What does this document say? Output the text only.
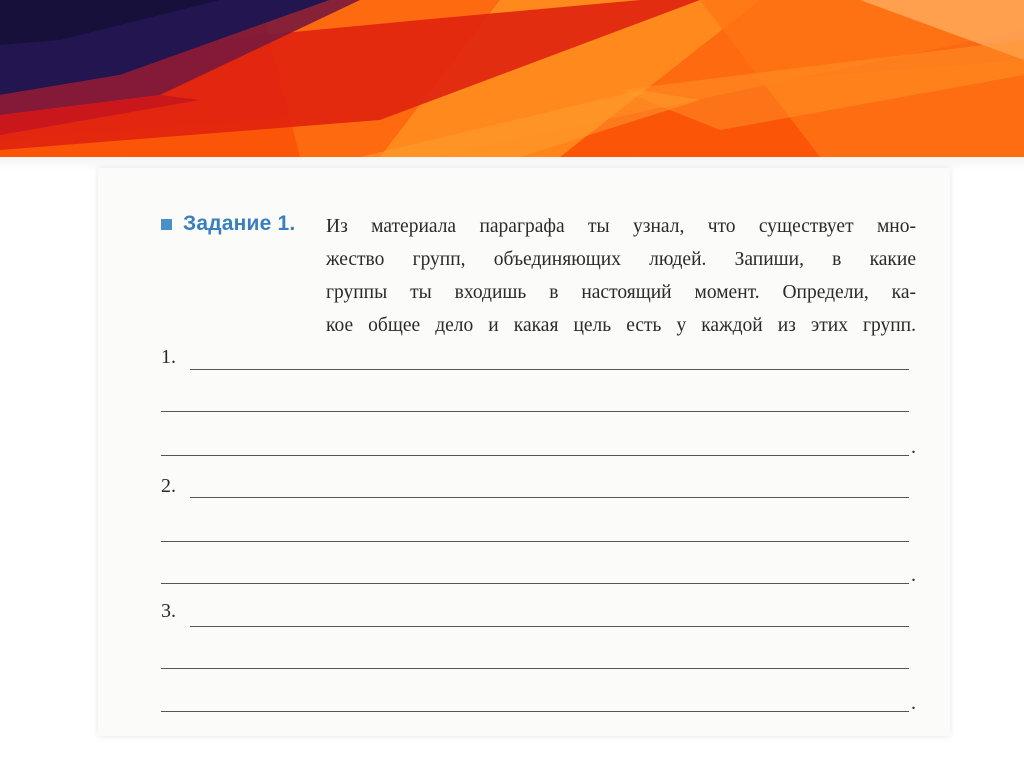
Задание 1. Из материала параграфа ты узнал, что существует мно-
жество групп, объединяющих людей. Запиши, в какие
группы ты входишь в настоящий момент. Определи, ка-
кое общее дело и какая цель есть у каждой из этих групп.
1.
.
2.
.
3.
.
